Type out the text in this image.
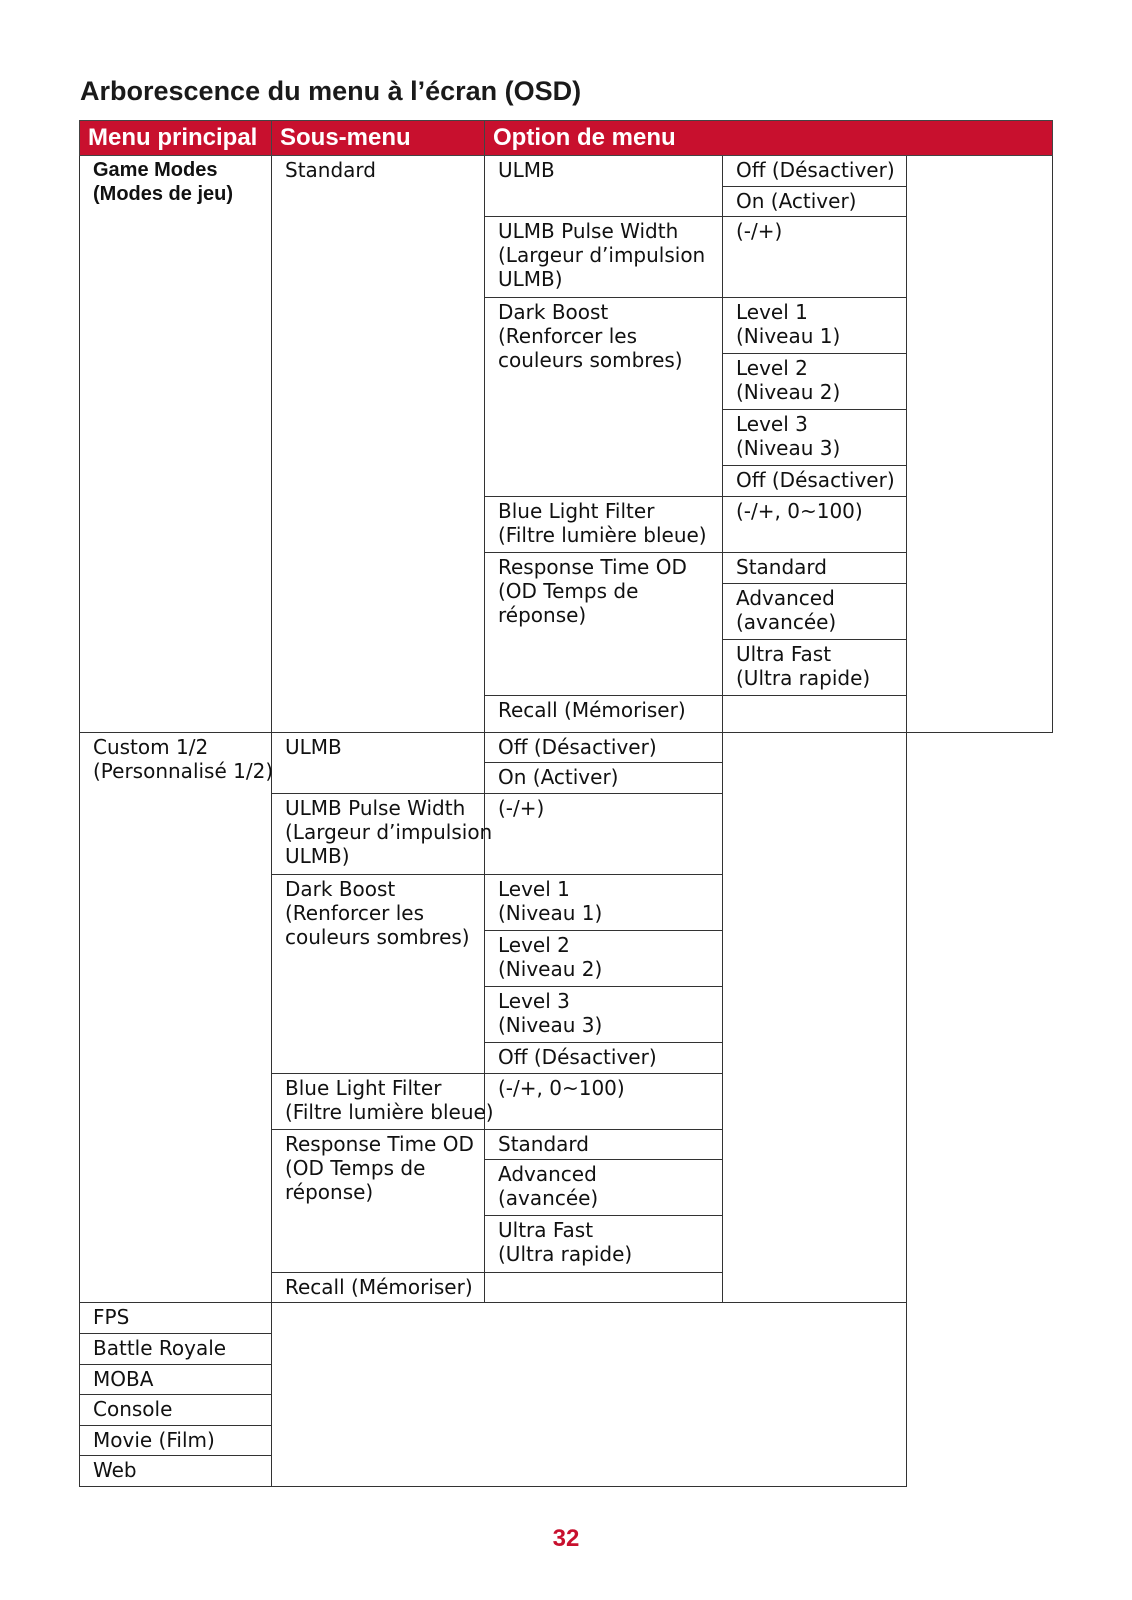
Arborescence du menu à l’écran (OSD)
Menu principal	Sous-menu	Option de menu		

Game Modes
(Modes de jeu)	Standard	ULMB	Off (Désactiver)	
			On (Activer)	

		ULMB Pulse Width
(Largeur d’impulsion
ULMB)	(-/+)	

		Dark Boost
(Renforcer les
couleurs sombres)	Level 1
(Niveau 1)	

			Level 2
(Niveau 2)	

			Level 3
(Niveau 3)	

			Off (Désactiver)	

		Blue Light Filter
(Filtre lumière bleue)	(-/+, 0~100)	

		Response Time OD
(OD Temps de
réponse)	Standard	

			Advanced
(avancée)	

			Ultra Fast
(Ultra rapide)	

		Recall (Mémoriser)		

Custom 1/2
(Personnalisé 1/2)	ULMB	Off (Désactiver)		
		On (Activer)		

	ULMB Pulse Width
(Largeur d’impulsion
ULMB)	(-/+)		

	Dark Boost
(Renforcer les
couleurs sombres)	Level 1
(Niveau 1)		

		Level 2
(Niveau 2)		

		Level 3
(Niveau 3)		

		Off (Désactiver)		

	Blue Light Filter
(Filtre lumière bleue)	(-/+, 0~100)		

	Response Time OD
(OD Temps de
réponse)	Standard		

		Advanced
(avancée)		

		Ultra Fast
(Ultra rapide)		

	Recall (Mémoriser)			
FPS				
Battle Royale				
MOBA				
Console				
Movie (Film)				
Web				
32
